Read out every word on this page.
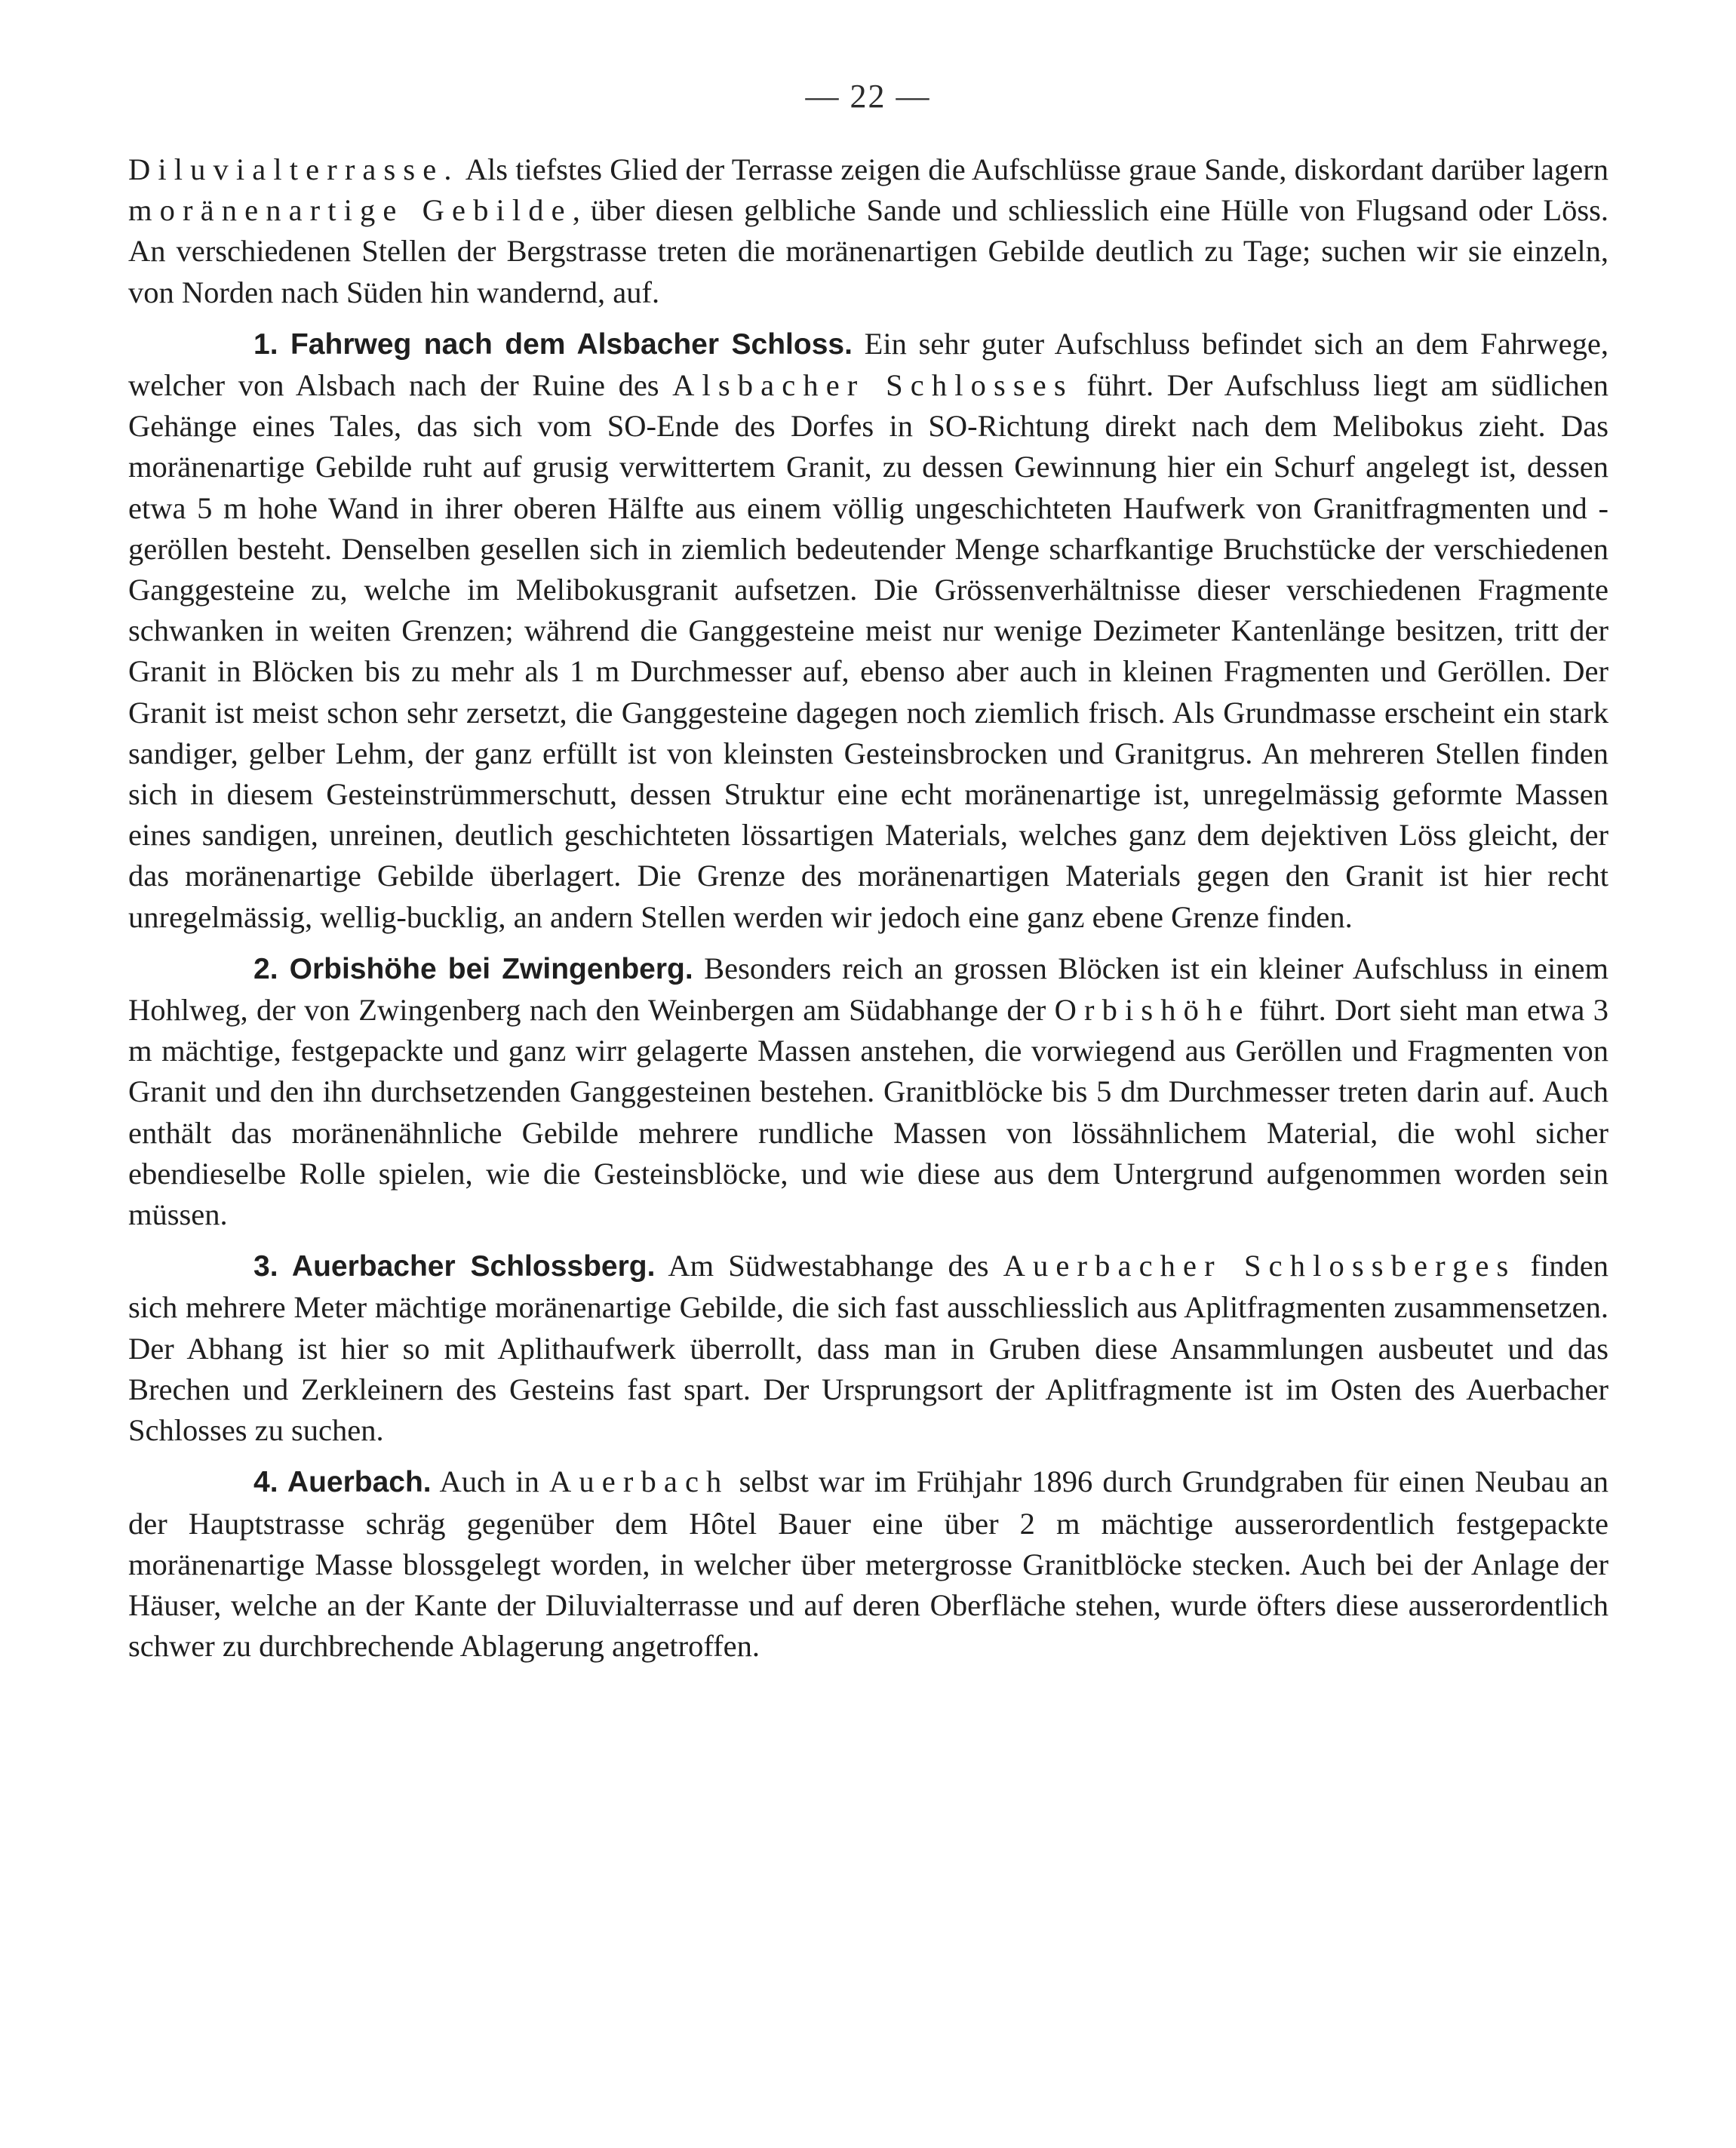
— 22 —

Diluvialterrasse. Als tiefstes Glied der Terrasse zeigen die Aufschlüsse graue Sande, diskordant darüber lagern moränenartige Gebilde, über diesen gelbliche Sande und schliesslich eine Hülle von Flugsand oder Löss. An verschiedenen Stellen der Bergstrasse treten die moränenartigen Gebilde deutlich zu Tage; suchen wir sie einzeln, von Norden nach Süden hin wandernd, auf.

1. Fahrweg nach dem Alsbacher Schloss. Ein sehr guter Aufschluss befindet sich an dem Fahrwege, welcher von Alsbach nach der Ruine des Alsbacher Schlosses führt. Der Aufschluss liegt am südlichen Gehänge eines Tales, das sich vom SO-Ende des Dorfes in SO-Richtung direkt nach dem Melibokus zieht. Das moränenartige Gebilde ruht auf grusig verwittertem Granit, zu dessen Gewinnung hier ein Schurf angelegt ist, dessen etwa 5 m hohe Wand in ihrer oberen Hälfte aus einem völlig ungeschichteten Haufwerk von Granitfragmenten und -geröllen besteht. Denselben gesellen sich in ziemlich bedeutender Menge scharfkantige Bruchstücke der verschiedenen Ganggesteine zu, welche im Melibokusgranit aufsetzen. Die Grössenverhältnisse dieser verschiedenen Fragmente schwanken in weiten Grenzen; während die Ganggesteine meist nur wenige Dezimeter Kantenlänge besitzen, tritt der Granit in Blöcken bis zu mehr als 1 m Durchmesser auf, ebenso aber auch in kleinen Fragmenten und Geröllen. Der Granit ist meist schon sehr zersetzt, die Ganggesteine dagegen noch ziemlich frisch. Als Grundmasse erscheint ein stark sandiger, gelber Lehm, der ganz erfüllt ist von kleinsten Gesteinsbrocken und Granitgrus. An mehreren Stellen finden sich in diesem Gesteinstrümmerschutt, dessen Struktur eine echt moränenartige ist, unregelmässig geformte Massen eines sandigen, unreinen, deutlich geschichteten lössartigen Materials, welches ganz dem dejektiven Löss gleicht, der das moränenartige Gebilde überlagert. Die Grenze des moränenartigen Materials gegen den Granit ist hier recht unregelmässig, wellig-bucklig, an andern Stellen werden wir jedoch eine ganz ebene Grenze finden.

2. Orbishöhe bei Zwingenberg. Besonders reich an grossen Blöcken ist ein kleiner Aufschluss in einem Hohlweg, der von Zwingenberg nach den Weinbergen am Südabhange der Orbishöhe führt. Dort sieht man etwa 3 m mächtige, festgepackte und ganz wirr gelagerte Massen anstehen, die vorwiegend aus Geröllen und Fragmenten von Granit und den ihn durchsetzenden Ganggesteinen bestehen. Granitblöcke bis 5 dm Durchmesser treten darin auf. Auch enthält das moränenähnliche Gebilde mehrere rundliche Massen von lössähnlichem Material, die wohl sicher ebendieselbe Rolle spielen, wie die Gesteinsblöcke, und wie diese aus dem Untergrund aufgenommen worden sein müssen.

3. Auerbacher Schlossberg. Am Südwestabhange des Auerbacher Schlossberges finden sich mehrere Meter mächtige moränenartige Gebilde, die sich fast ausschliesslich aus Aplitfragmenten zusammensetzen. Der Abhang ist hier so mit Aplithaufwerk überrollt, dass man in Gruben diese Ansammlungen ausbeutet und das Brechen und Zerkleinern des Gesteins fast spart. Der Ursprungsort der Aplitfragmente ist im Osten des Auerbacher Schlosses zu suchen.

4. Auerbach. Auch in Auerbach selbst war im Frühjahr 1896 durch Grundgraben für einen Neubau an der Hauptstrasse schräg gegenüber dem Hôtel Bauer eine über 2 m mächtige ausserordentlich festgepackte moränenartige Masse blossgelegt worden, in welcher über metergrosse Granitblöcke stecken. Auch bei der Anlage der Häuser, welche an der Kante der Diluvialterrasse und auf deren Oberfläche stehen, wurde öfters diese ausserordentlich schwer zu durchbrechende Ablagerung angetroffen.
